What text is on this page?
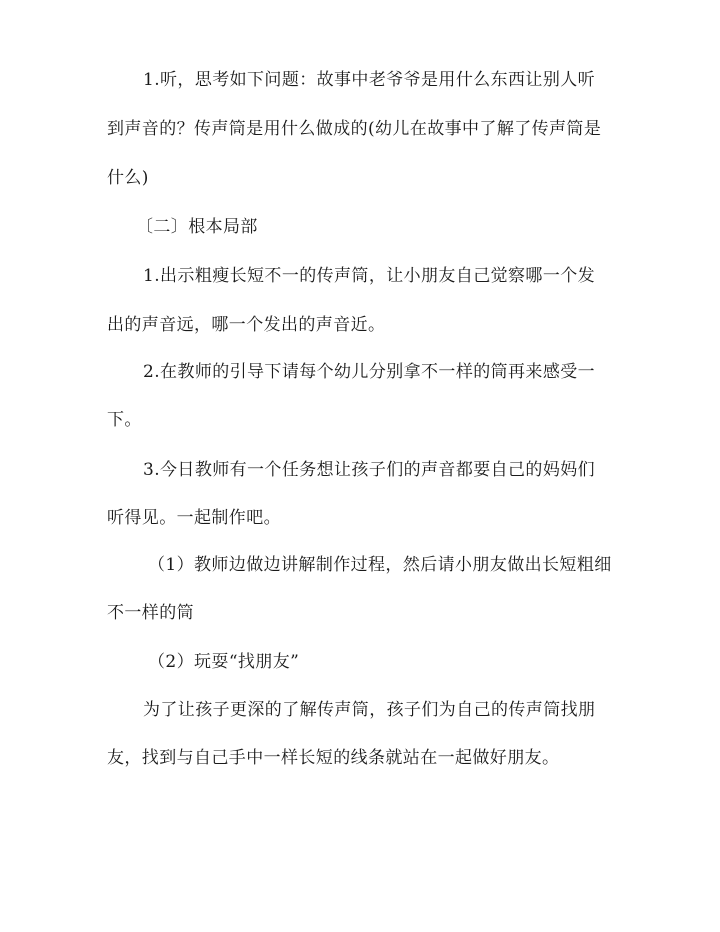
1.听，思考如下问题：故事中老爷爷是用什么东西让别人听
到声音的？传声筒是用什么做成的(幼儿在故事中了解了传声筒是
什么)
〔二〕根本局部
1.出示粗瘦长短不一的传声筒，让小朋友自己觉察哪一个发
出的声音远，哪一个发出的声音近。
2.在教师的引导下请每个幼儿分别拿不一样的筒再来感受一
下。
3.今日教师有一个任务想让孩子们的声音都要自己的妈妈们
听得见。一起制作吧。
（1）教师边做边讲解制作过程，然后请小朋友做出长短粗细
不一样的筒
（2）玩耍“找朋友”
为了让孩子更深的了解传声筒，孩子们为自己的传声筒找朋
友，找到与自己手中一样长短的线条就站在一起做好朋友。
